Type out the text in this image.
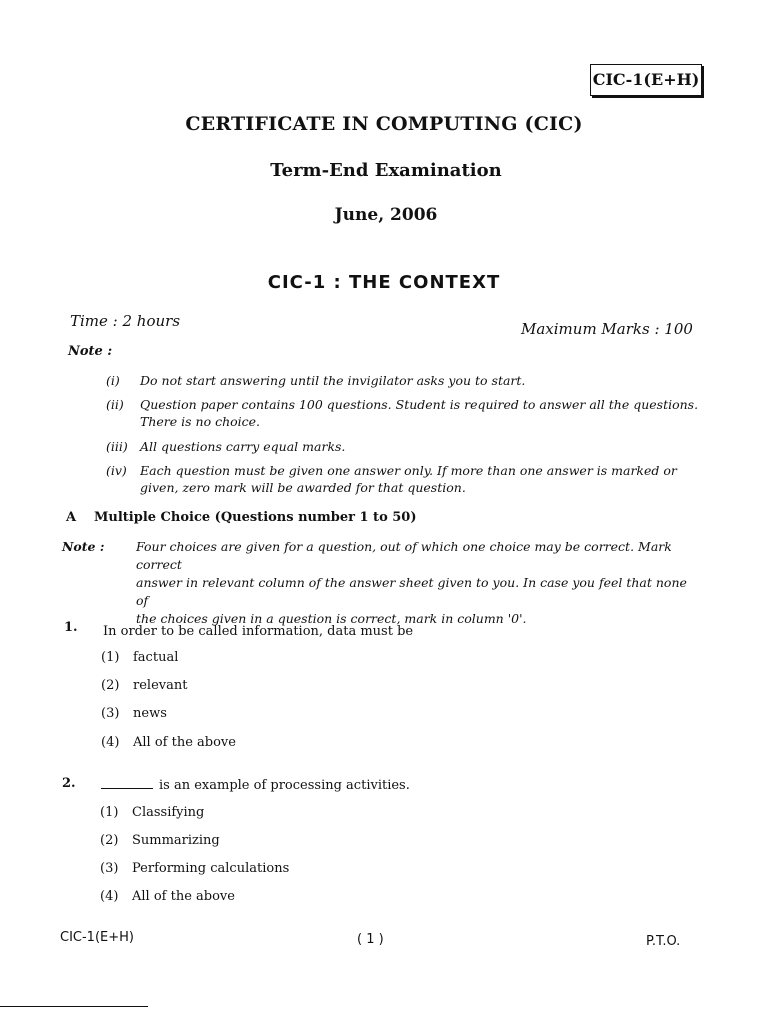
CIC-1(E+H)
CERTIFICATE IN COMPUTING (CIC)
Term-End Examination
June, 2006
CIC-1 : THE CONTEXT
Time : 2 hours	Maximum Marks : 100
Note :
(i) Do not start answering until the invigilator asks you to start.
(ii) Question paper contains 100 questions. Student is required to answer all the questions.
There is no choice.
(iii) All questions carry equal marks.
(iv) Each question must be given one answer only. If more than one answer is marked or
given, zero mark will be awarded for that question.
A Multiple Choice (Questions number 1 to 50)
Note :	Four choices are given for a question, out of which one choice may be correct. Mark correct
answer in relevant column of the answer sheet given to you. In case you feel that none of
the choices given in a question is correct, mark in column '0'.
1. In order to be called information, data must be
(1) factual
(2) relevant
(3) news
(4) All of the above
2.	is an example of processing activities.
(1) Classifying
(2) Summarizing
(3) Performing calculations
(4) All of the above
CIC-1(E+H)	( 1 )	P.T.O.
